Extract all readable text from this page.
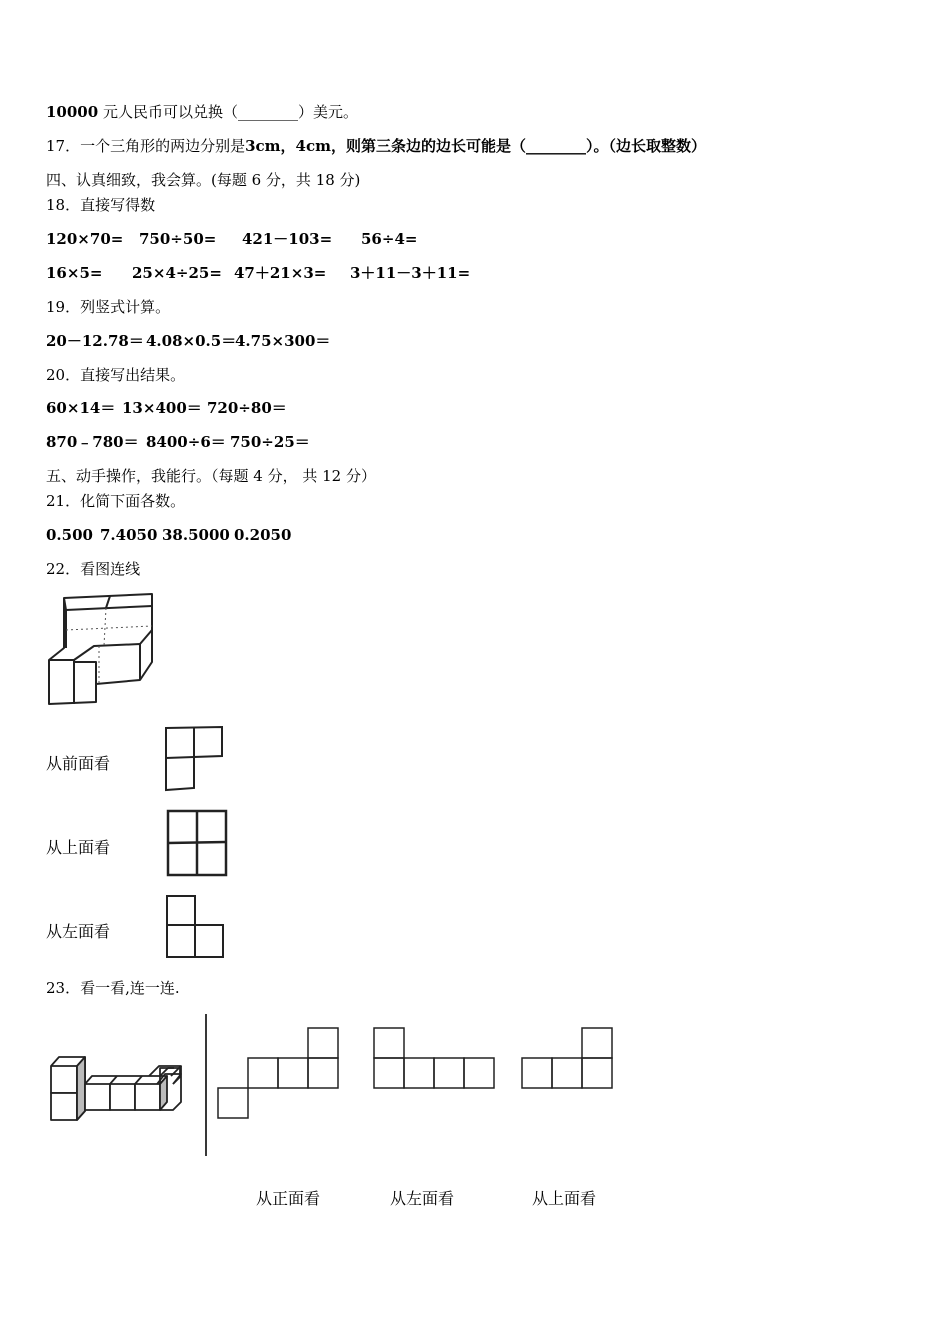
10000 元人民币可以兑换（________）美元。
17．一个三角形的两边分别是3cm，4cm，则第三条边的边长可能是（________）。（边长取整数）
四、认真细致，我会算。(每题 6 分，共 18 分)
18．直接写得数
120×70= 750÷50= 421－103= 56÷4=
16×5= 25×4÷25= 47＋21×3= 3＋11－3＋11=
19．列竖式计算。
20－12.78＝ 4.08×0.5＝
4.75×300＝
20．直接写出结果。
60×14＝ 13×400＝ 720÷80＝
870﹣780＝ 8400÷6＝ 750÷25＝
五、动手操作，我能行。（每题 4 分， 共 12 分）
21．化简下面各数。
0.500 7.4050 38.5000 0.2050
22．看图连线
从前面看
从上面看
从左面看
23．看一看,连一连.
从正面看	从左面看	从上面看
